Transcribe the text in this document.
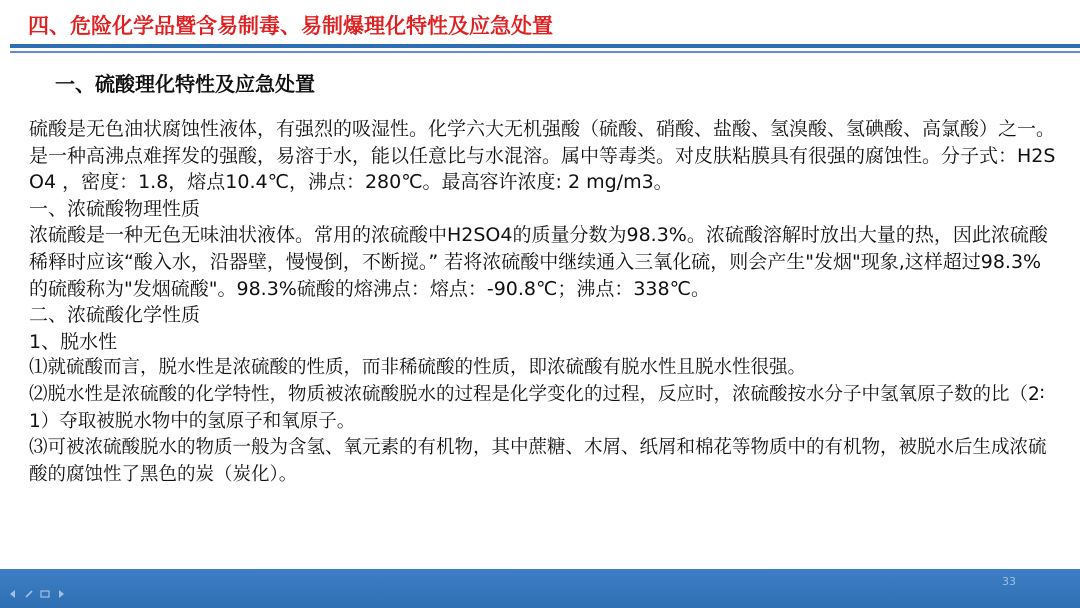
四、危险化学品暨含易制毒、易制爆理化特性及应急处置
一、硫酸理化特性及应急处置

硫酸是无色油状腐蚀性液体，有强烈的吸湿性。化学六大无机强酸（硫酸、硝酸、盐酸、氢溴酸、氢碘酸、高氯酸）之一。是一种高沸点难挥发的强酸，易溶于水，能以任意比与水混溶。属中等毒类。对皮肤粘膜具有很强的腐蚀性。分子式：H2SO4 ，密度：1.8，熔点10.4℃，沸点：280℃。最高容许浓度: 2 mg/m3。

一、浓硫酸物理性质

浓硫酸是一种无色无味油状液体。常用的浓硫酸中H2SO4的质量分数为98.3%。浓硫酸溶解时放出大量的热，因此浓硫酸稀释时应该“酸入水，沿器壁，慢慢倒，不断搅。” 若将浓硫酸中继续通入三氧化硫，则会产生"发烟"现象,这样超过98.3%的硫酸称为"发烟硫酸"。98.3%硫酸的熔沸点：熔点：-90.8℃；沸点：338℃。

二、浓硫酸化学性质

1、脱水性

⑴就硫酸而言，脱水性是浓硫酸的性质，而非稀硫酸的性质，即浓硫酸有脱水性且脱水性很强。

⑵脱水性是浓硫酸的化学特性，物质被浓硫酸脱水的过程是化学变化的过程，反应时，浓硫酸按水分子中氢氧原子数的比（2∶1）夺取被脱水物中的氢原子和氧原子。

⑶可被浓硫酸脱水的物质一般为含氢、氧元素的有机物，其中蔗糖、木屑、纸屑和棉花等物质中的有机物，被脱水后生成浓硫酸的腐蚀性了黑色的炭（炭化）。

33
